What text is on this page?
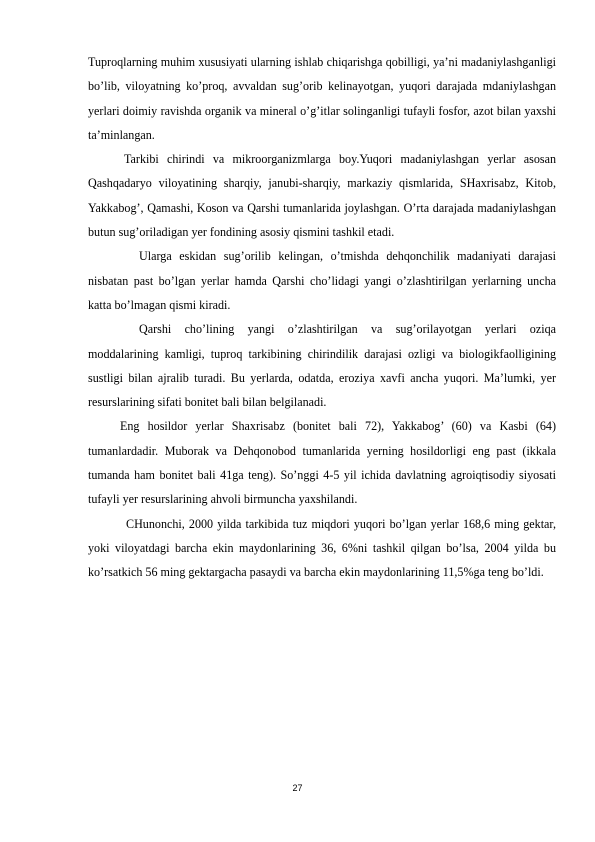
Tuproqlarning muhim xususiyati ularning ishlab chiqarishga qobilligi, ya’ni madaniylashganligi bo’lib, viloyatning ko’proq, avvaldan sug’orib kelinayotgan, yuqori darajada mdaniylashgan yerlari doimiy ravishda organik va mineral o’g’itlar solinganligi tufayli fosfor, azot bilan yaxshi ta’minlangan.

Tarkibi chirindi va mikroorganizmlarga boy.Yuqori madaniylashgan yerlar asosan Qashqadaryo viloyatining sharqiy, janubi-sharqiy, markaziy qismlarida, SHaxrisabz, Kitob, Yakkabog’, Qamashi, Koson va Qarshi tumanlarida joylashgan. O’rta darajada madaniylashgan butun sug’oriladigan yer fondining asosiy qismini tashkil etadi.

Ularga eskidan sug’orilib kelingan, o’tmishda dehqonchilik madaniyati darajasi nisbatan past bo’lgan yerlar hamda Qarshi cho’lidagi yangi o’zlashtirilgan yerlarning uncha katta bo’lmagan qismi kiradi.

Qarshi cho’lining yangi o’zlashtirilgan va sug’orilayotgan yerlari oziqa moddalarining kamligi, tuproq tarkibining chirindilik darajasi ozligi va biologikfaolligining sustligi bilan ajralib turadi. Bu yerlarda, odatda, eroziya xavfi ancha yuqori. Ma’lumki, yer resurslarining sifati bonitet bali bilan belgilanadi.

Eng hosildor yerlar Shaxrisabz (bonitet bali 72), Yakkabog’ (60) va Kasbi (64) tumanlardadir. Muborak va Dehqonobod tumanlarida yerning hosildorligi eng past (ikkala tumanda ham bonitet bali 41ga teng). So’nggi 4-5 yil ichida davlatning agroiqtisodiy siyosati tufayli yer resurslarining ahvoli birmuncha yaxshilandi.

CHunonchi, 2000 yilda tarkibida tuz miqdori yuqori bo’lgan yerlar 168,6 ming gektar, yoki viloyatdagi barcha ekin maydonlarining 36, 6%ni tashkil qilgan bo’lsa, 2004 yilda bu ko’rsatkich 56 ming gektargacha pasaydi va barcha ekin maydonlarining 11,5%ga teng bo’ldi.

27
